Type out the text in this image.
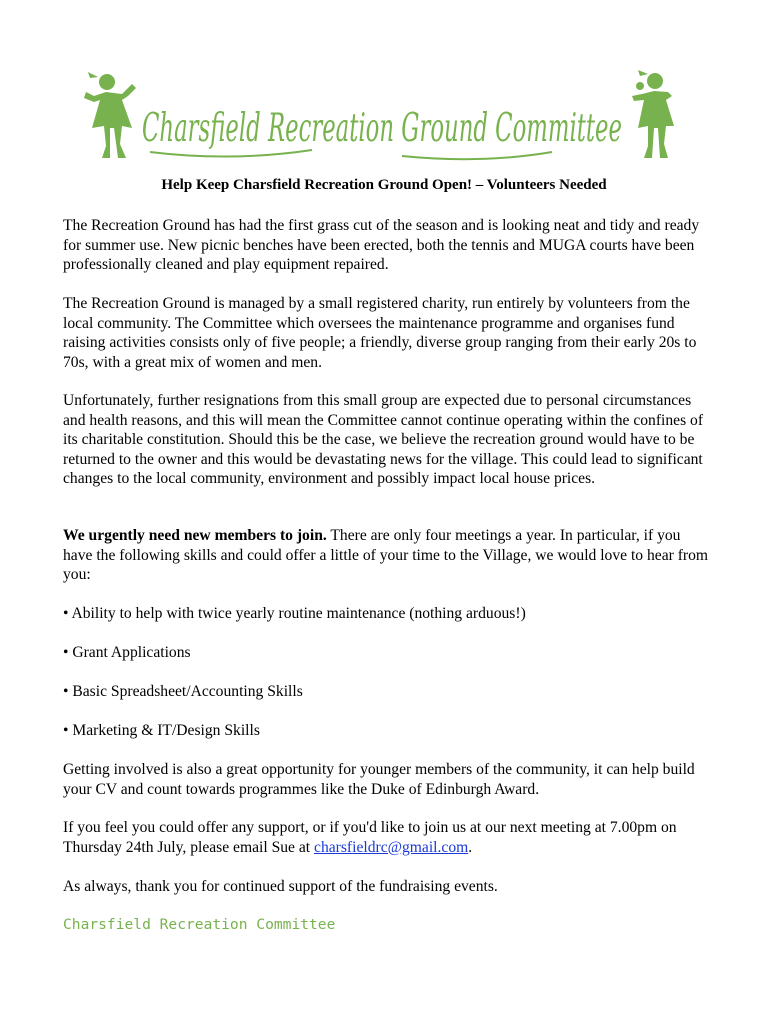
Charsfield Recreation Ground Committee
Help Keep Charsfield Recreation Ground Open! – Volunteers Needed

The Recreation Ground has had the first grass cut of the season and is looking neat and tidy and ready for summer use. New picnic benches have been erected, both the tennis and MUGA courts have been professionally cleaned and play equipment repaired.

The Recreation Ground is managed by a small registered charity, run entirely by volunteers from the local community. The Committee which oversees the maintenance programme and organises fund raising activities consists only of five people; a friendly, diverse group ranging from their early 20s to 70s, with a great mix of women and men.

Unfortunately, further resignations from this small group are expected due to personal circumstances and health reasons, and this will mean the Committee cannot continue operating within the confines of its charitable constitution. Should this be the case, we believe the recreation ground would have to be returned to the owner and this would be devastating news for the village. This could lead to significant changes to the local community, environment and possibly impact local house prices.

We urgently need new members to join. There are only four meetings a year. In particular, if you have the following skills and could offer a little of your time to the Village, we would love to hear from you:

• Ability to help with twice yearly routine maintenance (nothing arduous!)

• Grant Applications

• Basic Spreadsheet/Accounting Skills

• Marketing & IT/Design Skills

Getting involved is also a great opportunity for younger members of the community, it can help build your CV and count towards programmes like the Duke of Edinburgh Award.

If you feel you could offer any support, or if you'd like to join us at our next meeting at 7.00pm on Thursday 24th July, please email Sue at charsfieldrc@gmail.com.

As always, thank you for continued support of the fundraising events.

Charsfield Recreation Committee
